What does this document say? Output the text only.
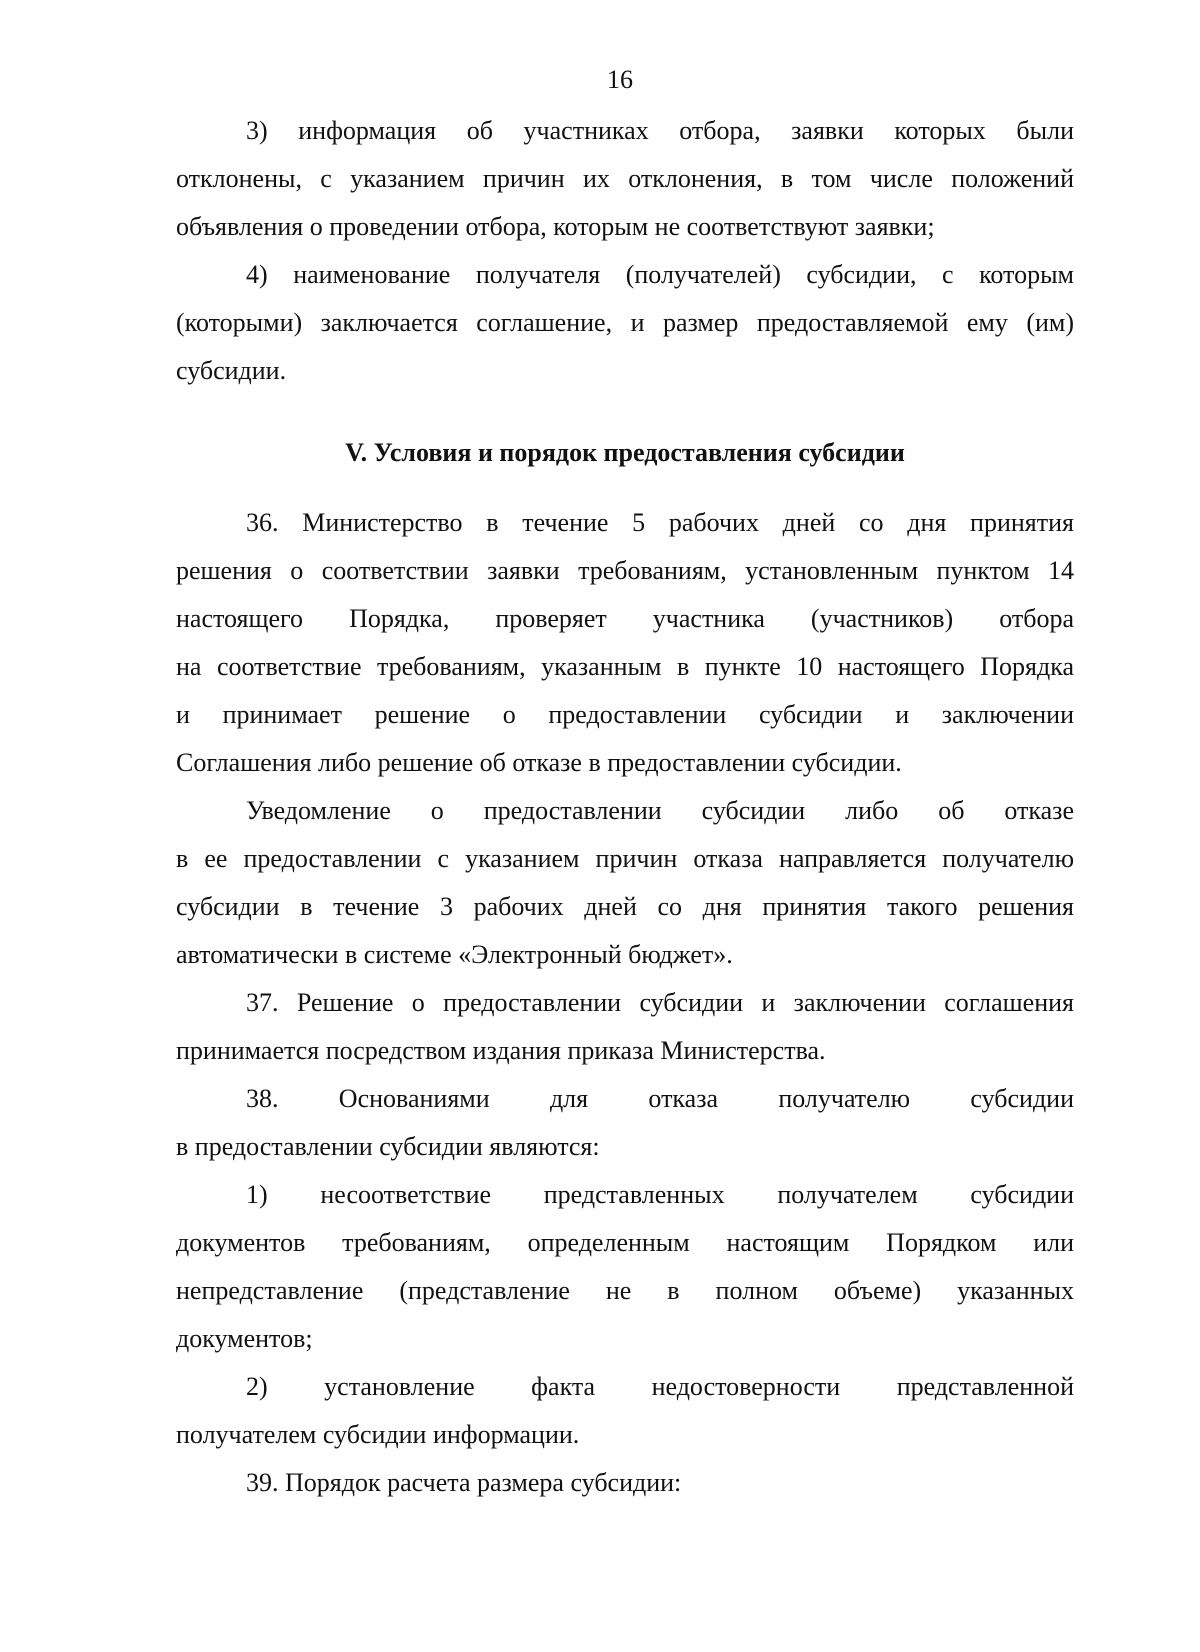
16
3) информация об участниках отбора, заявки которых были
отклонены, с указанием причин их отклонения, в том числе положений
объявления о проведении отбора, которым не соответствуют заявки;
4) наименование получателя (получателей) субсидии, с которым
(которыми) заключается соглашение, и размер предоставляемой ему (им)
субсидии.
V. Условия и порядок предоставления субсидии
36. Министерство в течение 5 рабочих дней со дня принятия
решения о соответствии заявки требованиям, установленным пунктом 14
настоящего Порядка, проверяет участника (участников) отбора
на соответствие требованиям, указанным в пункте 10 настоящего Порядка
и принимает решение о предоставлении субсидии и заключении
Соглашения либо решение об отказе в предоставлении субсидии.
Уведомление о предоставлении субсидии либо об отказе
в ее предоставлении с указанием причин отказа направляется получателю
субсидии в течение 3 рабочих дней со дня принятия такого решения
автоматически в системе «Электронный бюджет».
37. Решение о предоставлении субсидии и заключении соглашения
принимается посредством издания приказа Министерства.
38. Основаниями для отказа получателю субсидии
в предоставлении субсидии являются:
1) несоответствие представленных получателем субсидии
документов требованиям, определенным настоящим Порядком или
непредставление (представление не в полном объеме) указанных
документов;
2) установление факта недостоверности представленной
получателем субсидии информации.
39. Порядок расчета размера субсидии:
